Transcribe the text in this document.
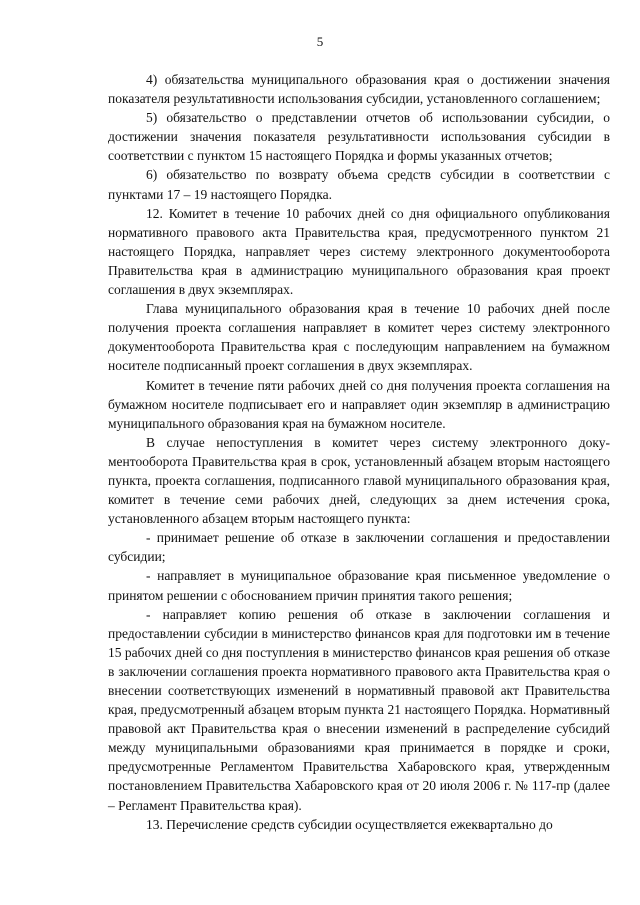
5

4) обязательства муниципального образования края о достижении значения показателя результативности использования субсидии, установленного соглашением;

5) обязательство о представлении отчетов об использовании субсидии, о достижении значения показателя результативности использования субсидии в соответствии с пунктом 15 настоящего Порядка и формы указанных отчетов;

6) обязательство по возврату объема средств субсидии в соответствии с пунктами 17 – 19 настоящего Порядка.

12. Комитет в течение 10 рабочих дней со дня официального опубликования нормативного правового акта Правительства края, предусмотренного пунктом 21 настоящего Порядка, направляет через систему электронного документооборота Правительства края в администрацию муниципального образования края проект соглашения в двух экземплярах.

Глава муниципального образования края в течение 10 рабочих дней после получения проекта соглашения направляет в комитет через систему электронного документооборота Правительства края с последующим направлением на бумажном носителе подписанный проект соглашения в двух экземплярах.

Комитет в течение пяти рабочих дней со дня получения проекта соглашения на бумажном носителе подписывает его и направляет один экземпляр в администрацию муниципального образования края на бумажном носителе.

В случае непоступления в комитет через систему электронного документооборота Правительства края в срок, установленный абзацем вторым настоящего пункта, проекта соглашения, подписанного главой муниципального образования края, комитет в течение семи рабочих дней, следующих за днем истечения срока, установленного абзацем вторым настоящего пункта:

- принимает решение об отказе в заключении соглашения и предоставлении субсидии;

- направляет в муниципальное образование края письменное уведомление о принятом решении с обоснованием причин принятия такого решения;

- направляет копию решения об отказе в заключении соглашения и предоставлении субсидии в министерство финансов края для подготовки им в течение 15 рабочих дней со дня поступления в министерство финансов края решения об отказе в заключении соглашения проекта нормативного правового акта Правительства края о внесении соответствующих изменений в нормативный правовой акт Правительства края, предусмотренный абзацем вторым пункта 21 настоящего Порядка. Нормативный правовой акт Правительства края о внесении изменений в распределение субсидий между муниципальными образованиями края принимается в порядке и сроки, предусмотренные Регламентом Правительства Хабаровского края, утвержденным постановлением Правительства Хабаровского края от 20 июля 2006 г. № 117-пр (далее – Регламент Правительства края).

13. Перечисление средств субсидии осуществляется ежеквартально до
